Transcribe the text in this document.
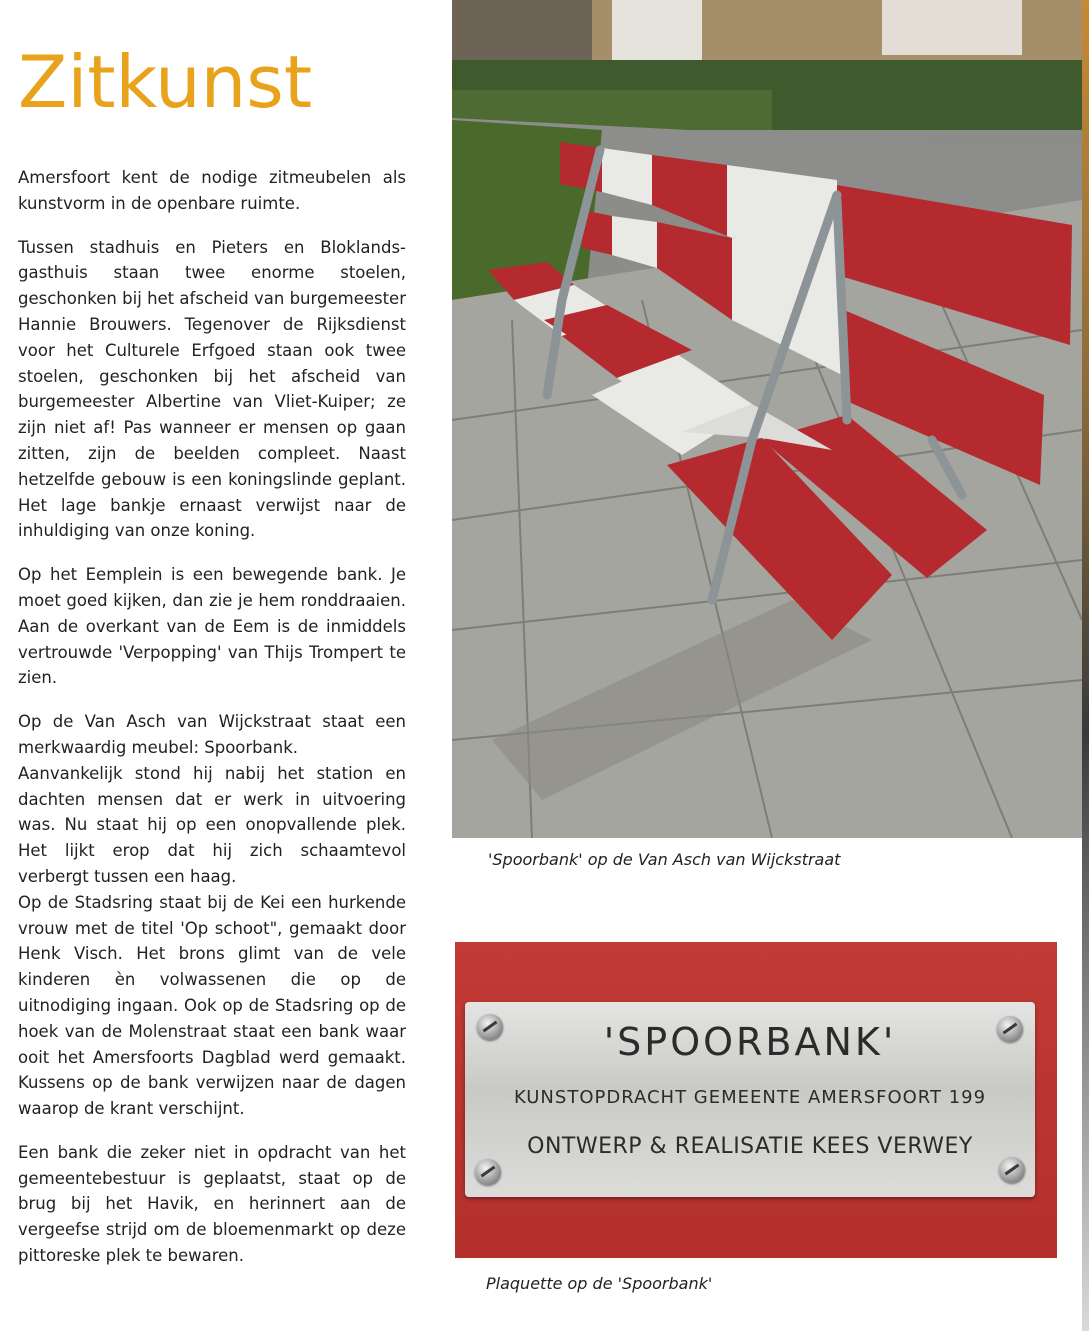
Zitkunst

Amersfoort kent de nodige zitmeubelen als kunstvorm in de openbare ruimte.

Tussen stadhuis en Pieters en Bloklands-gasthuis staan twee enorme stoelen, geschonken bij het afscheid van burgemeester Hannie Brouwers. Tegenover de Rijksdienst voor het Culturele Erfgoed staan ook twee stoelen, geschonken bij het afscheid van burgemeester Albertine van Vliet-Kuiper; ze zijn niet af! Pas wanneer er mensen op gaan zitten, zijn de beelden compleet. Naast hetzelfde gebouw is een koningslinde geplant. Het lage bankje ernaast verwijst naar de inhuldiging van onze koning.

Op het Eemplein is een bewegende bank. Je moet goed kijken, dan zie je hem ronddraaien. Aan de overkant van de Eem is de inmiddels vertrouwde 'Verpopping' van Thijs Trompert te zien.

Op de Van Asch van Wijckstraat staat een merkwaardig meubel: Spoorbank.

Aanvankelijk stond hij nabij het station en dachten mensen dat er werk in uitvoering was. Nu staat hij op een onopvallende plek. Het lijkt erop dat hij zich schaamtevol verbergt tussen een haag.

Op de Stadsring staat bij de Kei een hurkende vrouw met de titel 'Op schoot", gemaakt door Henk Visch. Het brons glimt van de vele kinderen èn volwassenen die op de uitnodiging ingaan. Ook op de Stadsring op de hoek van de Molenstraat staat een bank waar ooit het Amersfoorts Dagblad werd gemaakt. Kussens op de bank verwijzen naar de dagen waarop de krant verschijnt.

Een bank die zeker niet in opdracht van het gemeentebestuur is geplaatst, staat op de brug bij het Havik, en herinnert aan de vergeefse strijd om de bloemenmarkt op deze pittoreske plek te bewaren.

'Spoorbank' op de Van Asch van Wijckstraat
'SPOORBANK'
KUNSTOPDRACHT GEMEENTE AMERSFOORT 199
ONTWERP & REALISATIE KEES VERWEY
Plaquette op de 'Spoorbank'
